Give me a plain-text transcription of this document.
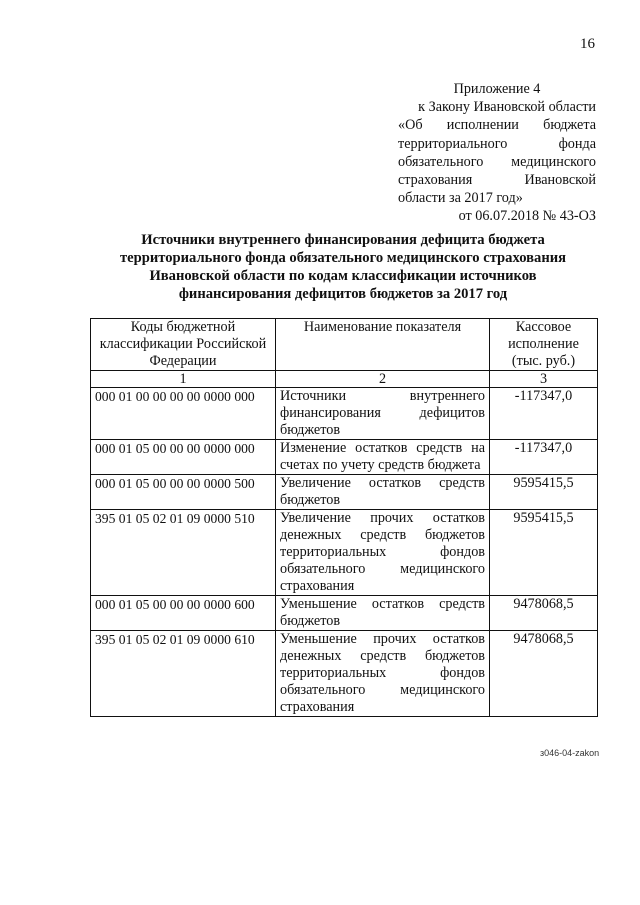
16
Приложение 4
к Закону Ивановской области
«Об исполнении бюджета
территориального фонда
обязательного медицинского
страхования Ивановской
области за 2017 год»
от 06.07.2018 № 43-ОЗ
Источники внутреннего финансирования дефицита бюджета
территориального фонда обязательного медицинского страхования
Ивановской области по кодам классификации источников
финансирования дефицитов бюджетов за 2017 год
Коды бюджетной классификации Российской Федерации	Наименование показателя	Кассовое исполнение (тыс. руб.)
1	2	3
000 01 00 00 00 00 0000 000	Источники внутреннего финансирования дефицитов бюджетов	-117347,0
000 01 05 00 00 00 0000 000	Изменение остатков средств на счетах по учету средств бюджета	-117347,0
000 01 05 00 00 00 0000 500	Увеличение остатков средств бюджетов	9595415,5
395 01 05 02 01 09 0000 510	Увеличение прочих остатков денежных средств бюджетов территориальных фондов обязательного медицинского страхования	9595415,5
000 01 05 00 00 00 0000 600	Уменьшение остатков средств бюджетов	9478068,5
395 01 05 02 01 09 0000 610	Уменьшение прочих остатков денежных средств бюджетов территориальных фондов обязательного медицинского страхования	9478068,5
з046-04-zakon
